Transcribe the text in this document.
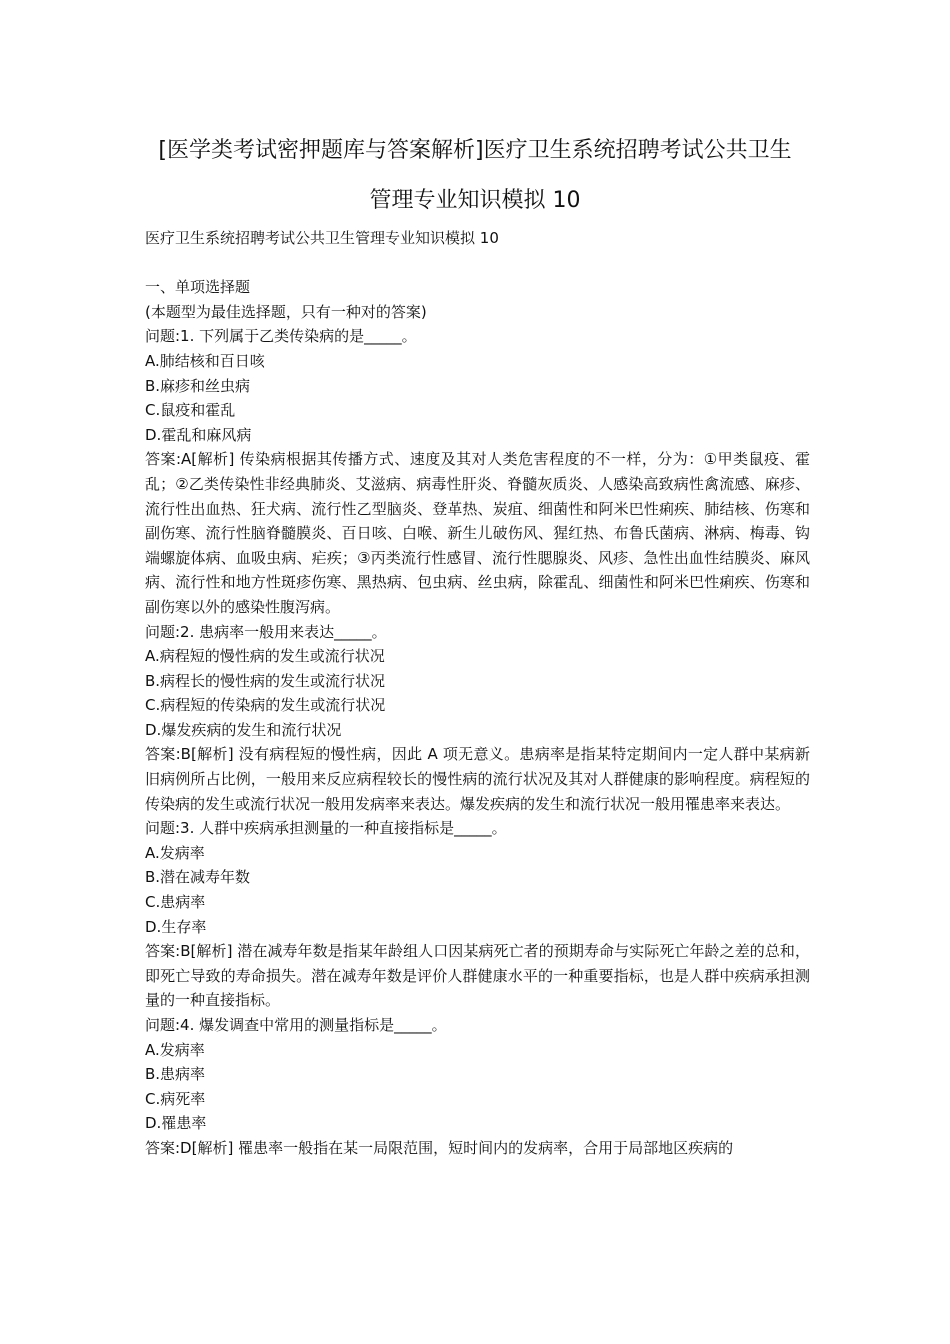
[医学类考试密押题库与答案解析]医疗卫生系统招聘考试公共卫生
管理专业知识模拟 10
医疗卫生系统招聘考试公共卫生管理专业知识模拟 10
一、单项选择题
(本题型为最佳选择题，只有一种对的答案)
问题:1. 下列属于乙类传染病的是_____。
A.肺结核和百日咳
B.麻疹和丝虫病
C.鼠疫和霍乱
D.霍乱和麻风病
答案:A[解析] 传染病根据其传播方式、速度及其对人类危害程度的不一样，分为：①甲类鼠疫、霍乱；②乙类传染性非经典肺炎、艾滋病、病毒性肝炎、脊髓灰质炎、人感染高致病性禽流感、麻疹、流行性出血热、狂犬病、流行性乙型脑炎、登革热、炭疽、细菌性和阿米巴性痢疾、肺结核、伤寒和副伤寒、流行性脑脊髓膜炎、百日咳、白喉、新生儿破伤风、猩红热、布鲁氏菌病、淋病、梅毒、钩端螺旋体病、血吸虫病、疟疾；③丙类流行性感冒、流行性腮腺炎、风疹、急性出血性结膜炎、麻风病、流行性和地方性斑疹伤寒、黑热病、包虫病、丝虫病，除霍乱、细菌性和阿米巴性痢疾、伤寒和副伤寒以外的感染性腹泻病。
问题:2. 患病率一般用来表达_____。
A.病程短的慢性病的发生或流行状况
B.病程长的慢性病的发生或流行状况
C.病程短的传染病的发生或流行状况
D.爆发疾病的发生和流行状况
答案:B[解析] 没有病程短的慢性病，因此 A 项无意义。患病率是指某特定期间内一定人群中某病新旧病例所占比例，一般用来反应病程较长的慢性病的流行状况及其对人群健康的影响程度。病程短的传染病的发生或流行状况一般用发病率来表达。爆发疾病的发生和流行状况一般用罹患率来表达。
问题:3. 人群中疾病承担测量的一种直接指标是_____。
A.发病率
B.潜在减寿年数
C.患病率
D.生存率
答案:B[解析] 潜在减寿年数是指某年龄组人口因某病死亡者的预期寿命与实际死亡年龄之差的总和，即死亡导致的寿命损失。潜在减寿年数是评价人群健康水平的一种重要指标，也是人群中疾病承担测量的一种直接指标。
问题:4. 爆发调查中常用的测量指标是_____。
A.发病率
B.患病率
C.病死率
D.罹患率
答案:D[解析] 罹患率一般指在某一局限范围，短时间内的发病率，合用于局部地区疾病的
